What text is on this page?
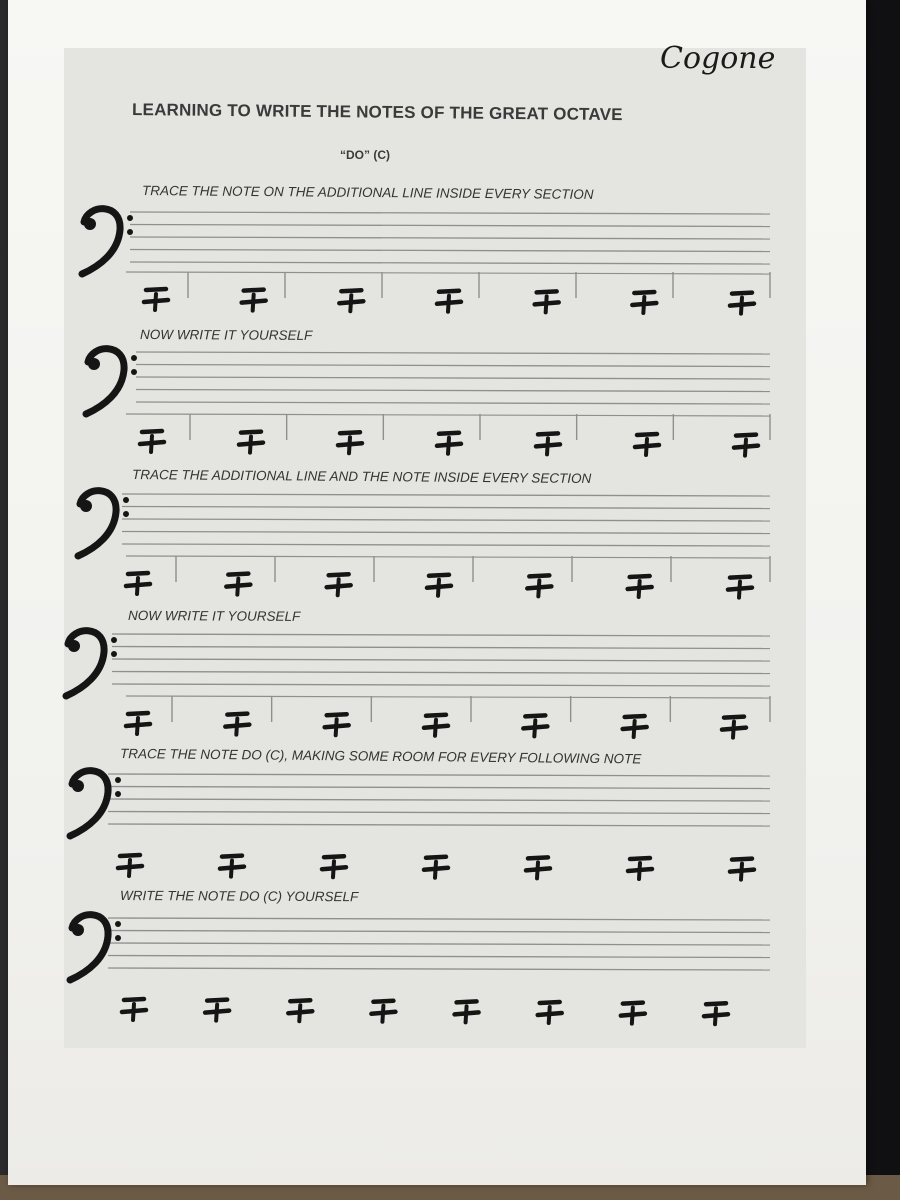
Cogone
LEARNING TO WRITE THE NOTES OF THE GREAT OCTAVE
“DO” (C)
TRACE THE NOTE ON THE ADDITIONAL LINE INSIDE EVERY SECTION
NOW WRITE IT YOURSELF
TRACE THE ADDITIONAL LINE AND THE NOTE INSIDE EVERY SECTION
NOW WRITE IT YOURSELF
TRACE THE NOTE DO (C), MAKING SOME ROOM FOR EVERY FOLLOWING NOTE
WRITE THE NOTE DO (C) YOURSELF
